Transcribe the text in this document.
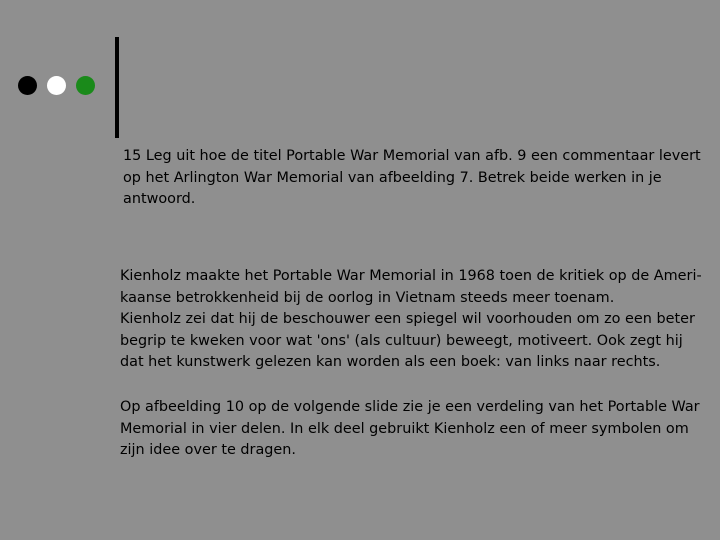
15 Leg uit hoe de titel Portable War Memorial van afb. 9 een commentaar levert
op het Arlington War Memorial van afbeelding 7. Betrek beide werken in je
antwoord.

Kienholz maakte het Portable War Memorial in 1968 toen de kritiek op de Ameri-
kaanse betrokkenheid bij de oorlog in Vietnam steeds meer toenam.
Kienholz zei dat hij de beschouwer een spiegel wil voorhouden om zo een beter
begrip te kweken voor wat 'ons' (als cultuur) beweegt, motiveert. Ook zegt hij
dat het kunstwerk gelezen kan worden als een boek: van links naar rechts.

Op afbeelding 10 op de volgende slide zie je een verdeling van het Portable War
Memorial in vier delen. In elk deel gebruikt Kienholz een of meer symbolen om
zijn idee over te dragen.
